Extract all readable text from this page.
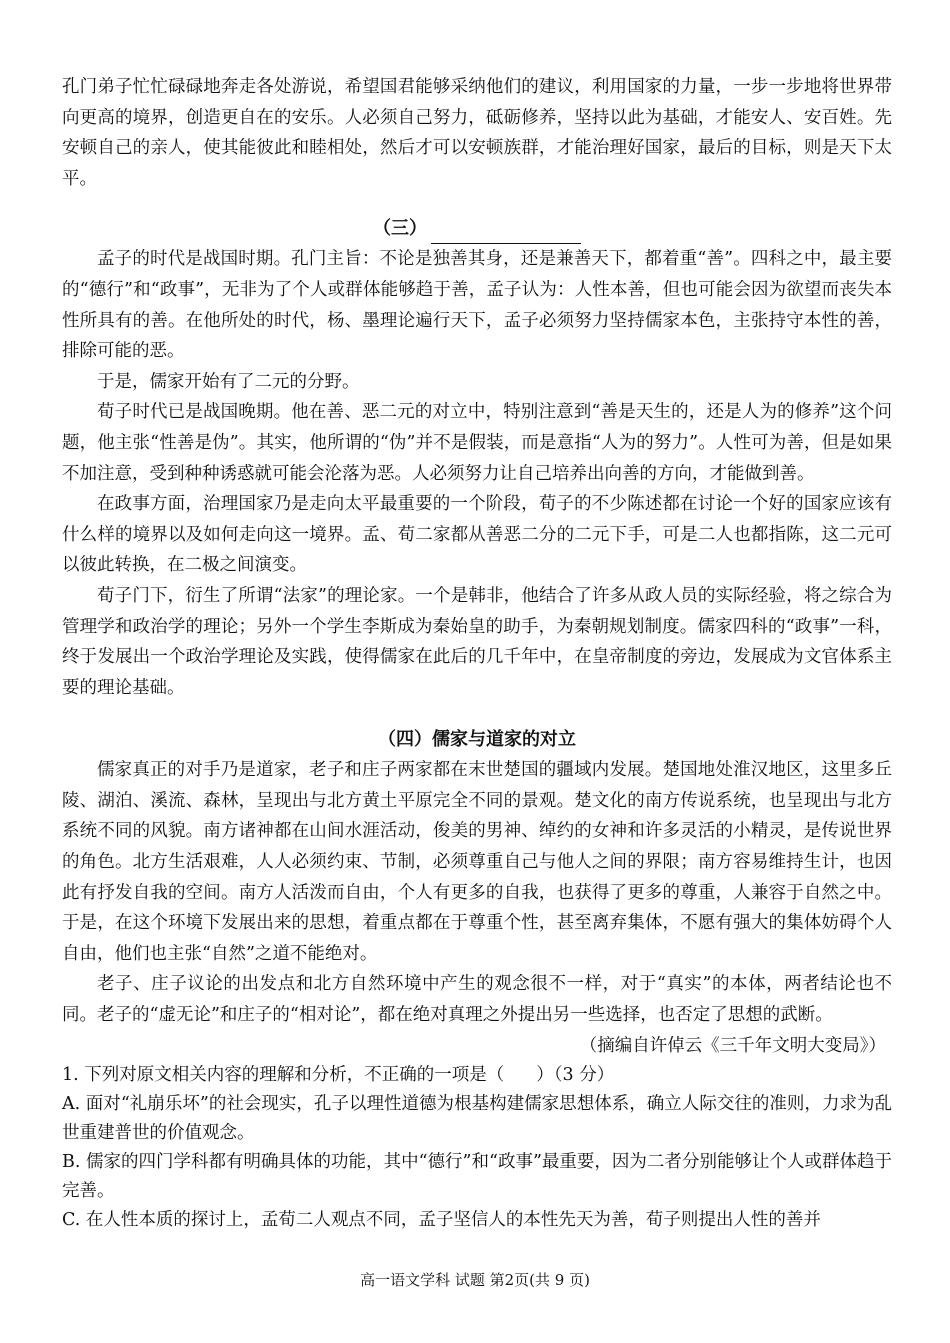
孔门弟子忙忙碌碌地奔走各处游说，希望国君能够采纳他们的建议，利用国家的力量，一步一步地将世界带向更高的境界，创造更自在的安乐。人必须自己努力，砥砺修养，坚持以此为基础，才能安人、安百姓。先安顿自己的亲人，使其能彼此和睦相处，然后才可以安顿族群，才能治理好国家，最后的目标，则是天下太平。

（三）

孟子的时代是战国时期。孔门主旨：不论是独善其身，还是兼善天下，都着重“善”。四科之中，最主要的“德行”和“政事”，无非为了个人或群体能够趋于善，孟子认为：人性本善，但也可能会因为欲望而丧失本性所具有的善。在他所处的时代，杨、墨理论遍行天下，孟子必须努力坚持儒家本色，主张持守本性的善，排除可能的恶。

于是，儒家开始有了二元的分野。

荀子时代已是战国晚期。他在善、恶二元的对立中，特别注意到“善是天生的，还是人为的修养”这个问题，他主张“性善是伪”。其实，他所谓的“伪”并不是假装，而是意指“人为的努力”。人性可为善，但是如果不加注意，受到种种诱惑就可能会沦落为恶。人必须努力让自己培养出向善的方向，才能做到善。

在政事方面，治理国家乃是走向太平最重要的一个阶段，荀子的不少陈述都在讨论一个好的国家应该有什么样的境界以及如何走向这一境界。孟、荀二家都从善恶二分的二元下手，可是二人也都指陈，这二元可以彼此转换，在二极之间演变。

荀子门下，衍生了所谓“法家”的理论家。一个是韩非，他结合了许多从政人员的实际经验，将之综合为管理学和政治学的理论；另外一个学生李斯成为秦始皇的助手，为秦朝规划制度。儒家四科的“政事”一科，终于发展出一个政治学理论及实践，使得儒家在此后的几千年中，在皇帝制度的旁边，发展成为文官体系主要的理论基础。

（四）儒家与道家的对立

儒家真正的对手乃是道家，老子和庄子两家都在末世楚国的疆域内发展。楚国地处淮汉地区，这里多丘陵、湖泊、溪流、森林，呈现出与北方黄土平原完全不同的景观。楚文化的南方传说系统，也呈现出与北方系统不同的风貌。南方诸神都在山间水涯活动，俊美的男神、绰约的女神和许多灵活的小精灵，是传说世界的角色。北方生活艰难，人人必须约束、节制，必须尊重自己与他人之间的界限；南方容易维持生计，也因此有抒发自我的空间。南方人活泼而自由，个人有更多的自我，也获得了更多的尊重，人兼容于自然之中。于是，在这个环境下发展出来的思想，着重点都在于尊重个性，甚至离弃集体，不愿有强大的集体妨碍个人自由，他们也主张“自然”之道不能绝对。

老子、庄子议论的出发点和北方自然环境中产生的观念很不一样，对于“真实”的本体，两者结论也不同。老子的“虚无论”和庄子的“相对论”，都在绝对真理之外提出另一些选择，也否定了思想的武断。

（摘编自许倬云《三千年文明大变局》）

1. 下列对原文相关内容的理解和分析，不正确的一项是（ ）（3 分）

A. 面对“礼崩乐坏”的社会现实，孔子以理性道德为根基构建儒家思想体系，确立人际交往的准则，力求为乱世重建普世的价值观念。

B. 儒家的四门学科都有明确具体的功能，其中“德行”和“政事”最重要，因为二者分别能够让个人或群体趋于完善。

C. 在人性本质的探讨上，孟荀二人观点不同，孟子坚信人的本性先天为善，荀子则提出人性的善并

高一语文学科 试题 第2页(共 9 页)
